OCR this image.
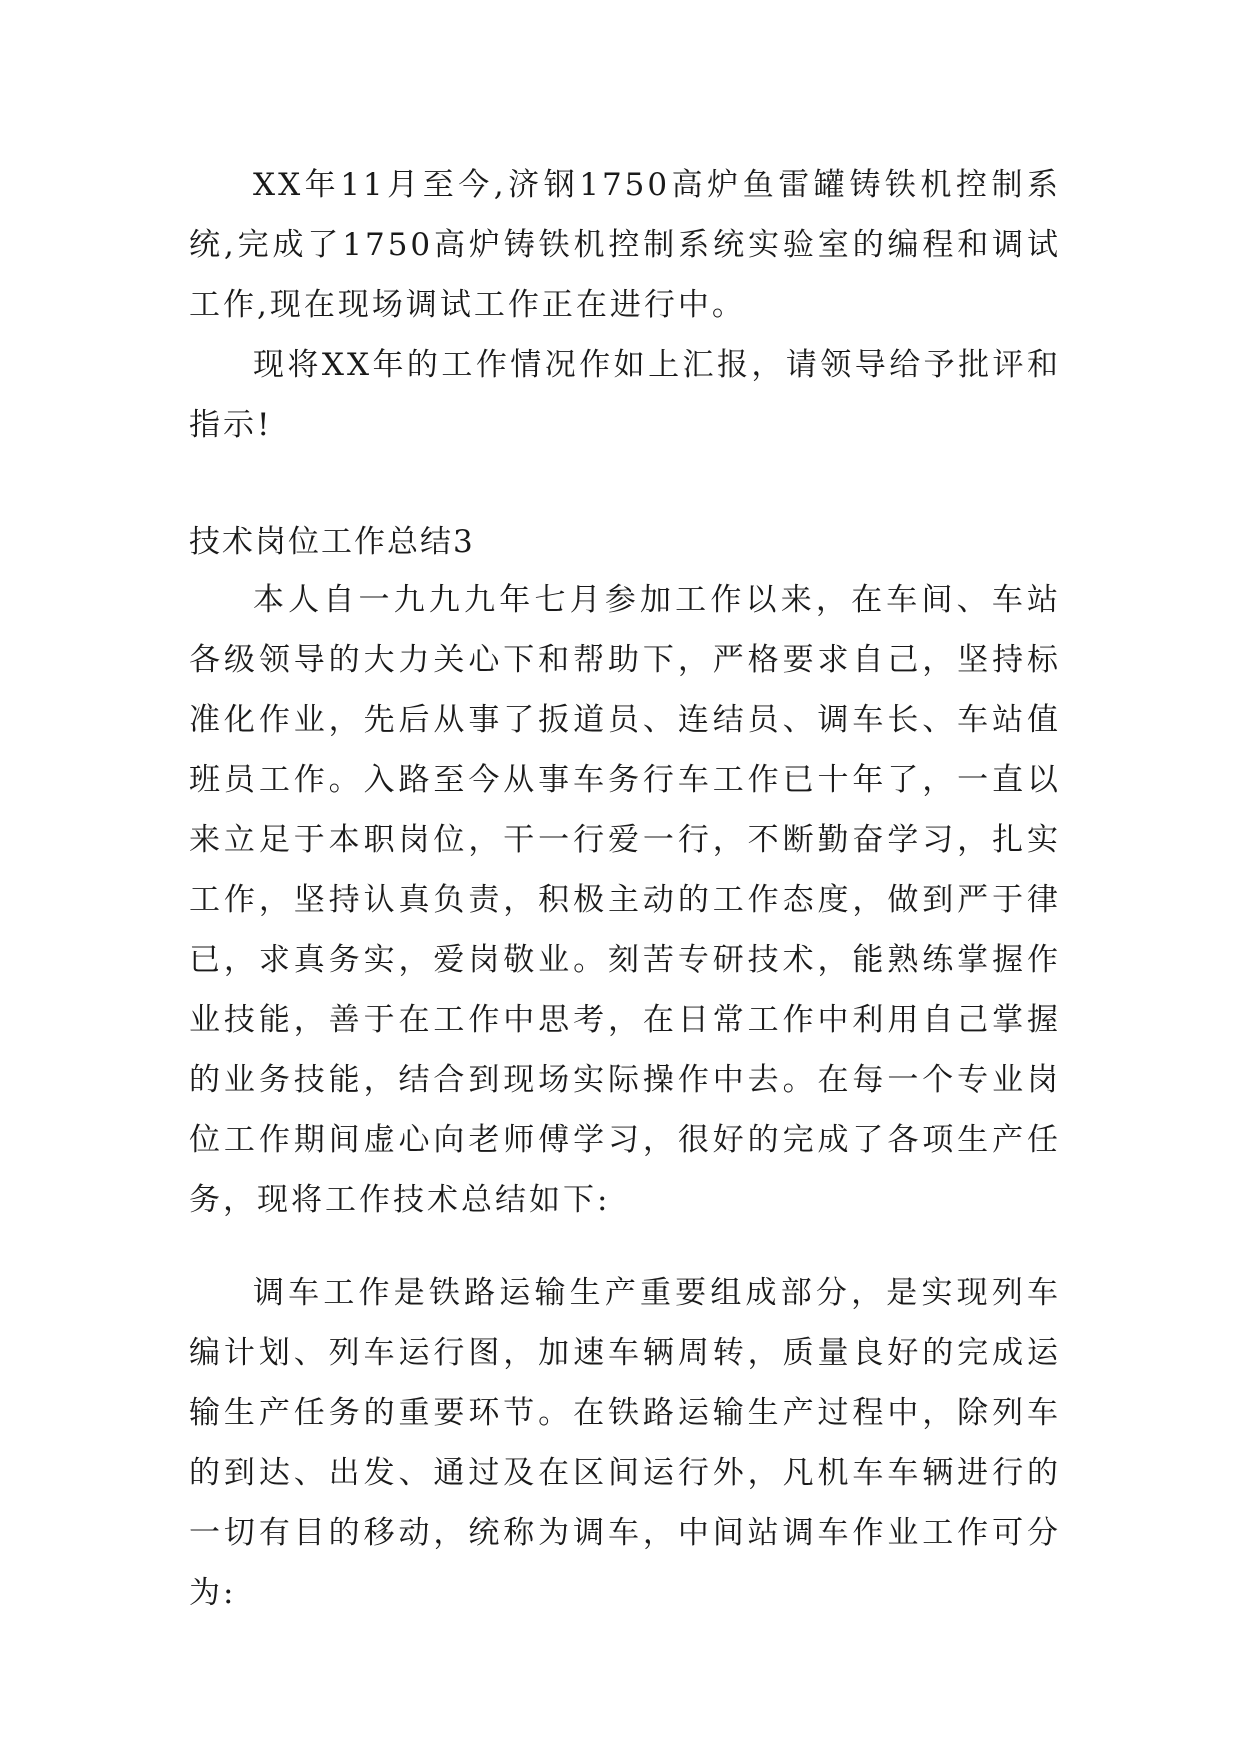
XX年11月至今,济钢1750高炉鱼雷罐铸铁机控制系统,完成了1750高炉铸铁机控制系统实验室的编程和调试工作,现在现场调试工作正在进行中。

现将XX年的工作情况作如上汇报，请领导给予批评和指示!

技术岗位工作总结3

本人自一九九九年七月参加工作以来，在车间、车站各级领导的大力关心下和帮助下，严格要求自己，坚持标准化作业，先后从事了扳道员、连结员、调车长、车站值班员工作。入路至今从事车务行车工作已十年了，一直以来立足于本职岗位，干一行爱一行，不断勤奋学习，扎实工作，坚持认真负责，积极主动的工作态度，做到严于律已，求真务实，爱岗敬业。刻苦专研技术，能熟练掌握作业技能，善于在工作中思考，在日常工作中利用自己掌握的业务技能，结合到现场实际操作中去。在每一个专业岗位工作期间虚心向老师傅学习，很好的完成了各项生产任务，现将工作技术总结如下:

调车工作是铁路运输生产重要组成部分，是实现列车编计划、列车运行图，加速车辆周转，质量良好的完成运输生产任务的重要环节。在铁路运输生产过程中，除列车的到达、出发、通过及在区间运行外，凡机车车辆进行的一切有目的移动，统称为调车，中间站调车作业工作可分为:
